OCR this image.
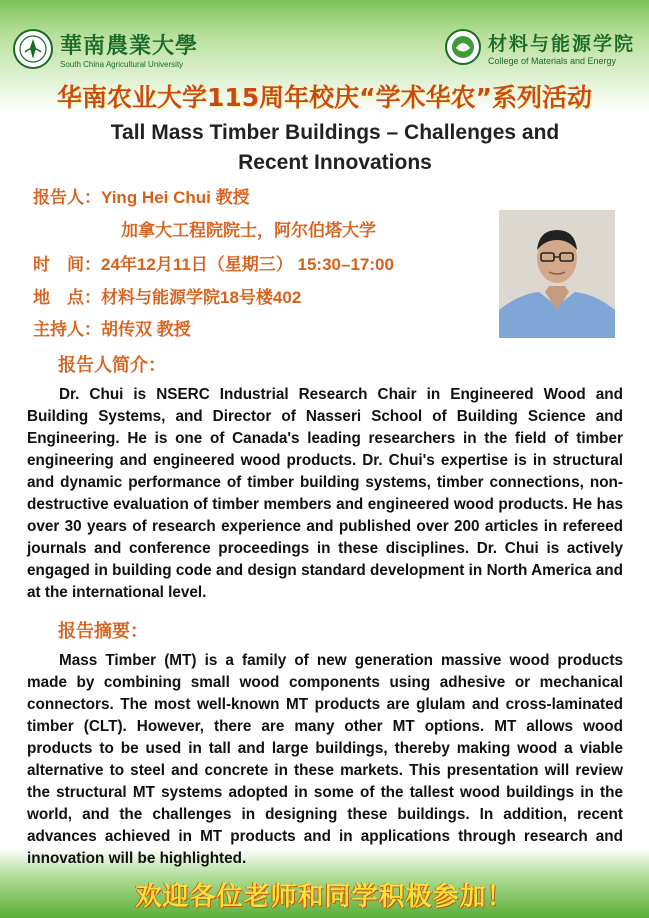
華南農業大學
South China Agricultural University
材料与能源学院
College of Materials and Energy
华南农业大学115周年校庆“学术华农”系列活动
Tall Mass Timber Buildings – Challenges and
Recent Innovations
报告人：Ying Hei Chui 教授
加拿大工程院院士，阿尔伯塔大学
时　间：24年12月11日（星期三） 15:30–17:00
地　点：材料与能源学院18号楼402
主持人：胡传双 教授
报告人简介：
Dr. Chui is NSERC Industrial Research Chair in Engineered Wood and Building Systems, and Director of Nasseri School of Building Science and Engineering. He is one of Canada's leading researchers in the field of timber engineering and engineered wood products. Dr. Chui's expertise is in structural and dynamic performance of timber building systems, timber connections, non-destructive evaluation of timber members and engineered wood products. He has over 30 years of research experience and published over 200 articles in refereed journals and conference proceedings in these disciplines. Dr. Chui is actively engaged in building code and design standard development in North America and at the international level.
报告摘要：
Mass Timber (MT) is a family of new generation massive wood products made by combining small wood components using adhesive or mechanical connectors. The most well-known MT products are glulam and cross-laminated timber (CLT). However, there are many other MT options. MT allows wood products to be used in tall and large buildings, thereby making wood a viable alternative to steel and concrete in these markets. This presentation will review the structural MT systems adopted in some of the tallest wood buildings in the world, and the challenges in designing these buildings. In addition, recent advances achieved in MT products and in applications through research and innovation will be highlighted.
欢迎各位老师和同学积极参加！
